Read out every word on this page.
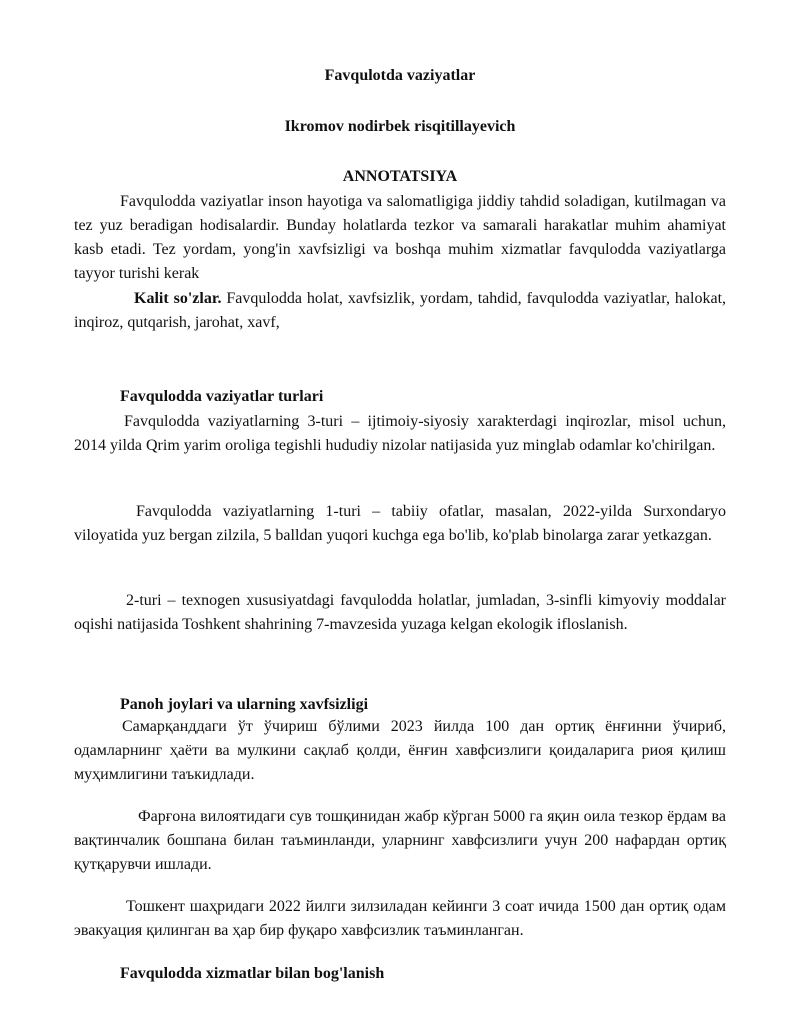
Favqulotda vaziyatlar

Ikromov nodirbek risqitillayevich

ANNOTATSIYA

Favqulodda vaziyatlar inson hayotiga va salomatligiga jiddiy tahdid soladigan, kutilmagan va tez yuz beradigan hodisalardir. Bunday holatlarda tezkor va samarali harakatlar muhim ahamiyat kasb etadi. Tez yordam, yong'in xavfsizligi va boshqa muhim xizmatlar favqulodda vaziyatlarga tayyor turishi kerak

Kalit so'zlar. Favqulodda holat, xavfsizlik, yordam, tahdid, favqulodda vaziyatlar, halokat, inqiroz, qutqarish, jarohat, xavf,

Favqulodda vaziyatlar turlari

Favqulodda vaziyatlarning 3-turi – ijtimoiy-siyosiy xarakterdagi inqirozlar, misol uchun, 2014 yilda Qrim yarim oroliga tegishli hududiy nizolar natijasida yuz minglab odamlar ko'chirilgan.

Favqulodda vaziyatlarning 1-turi – tabiiy ofatlar, masalan, 2022-yilda Surxondaryo viloyatida yuz bergan zilzila, 5 balldan yuqori kuchga ega bo'lib, ko'plab binolarga zarar yetkazgan.

2-turi – texnogen xususiyatdagi favqulodda holatlar, jumladan, 3-sinfli kimyoviy moddalar oqishi natijasida Toshkent shahrining 7-mavzesida yuzaga kelgan ekologik ifloslanish.

Panoh joylari va ularning xavfsizligi

Самарқанддаги ўт ўчириш бўлими 2023 йилда 100 дан ортиқ ёнғинни ўчириб, одамларнинг ҳаёти ва мулкини сақлаб қолди, ёнғин хавфсизлиги қоидаларига риоя қилиш муҳимлигини таъкидлади.

Фарғона вилоятидаги сув тошқинидан жабр кўрган 5000 га яқин оила тезкор ёрдам ва вақтинчалик бошпана билан таъминланди, уларнинг хавфсизлиги учун 200 нафардан ортиқ қутқарувчи ишлади.

Тошкент шаҳридаги 2022 йилги зилзиладан кейинги 3 соат ичида 1500 дан ортиқ одам эвакуация қилинган ва ҳар бир фуқаро хавфсизлик таъминланган.

Favqulodda xizmatlar bilan bog'lanish
